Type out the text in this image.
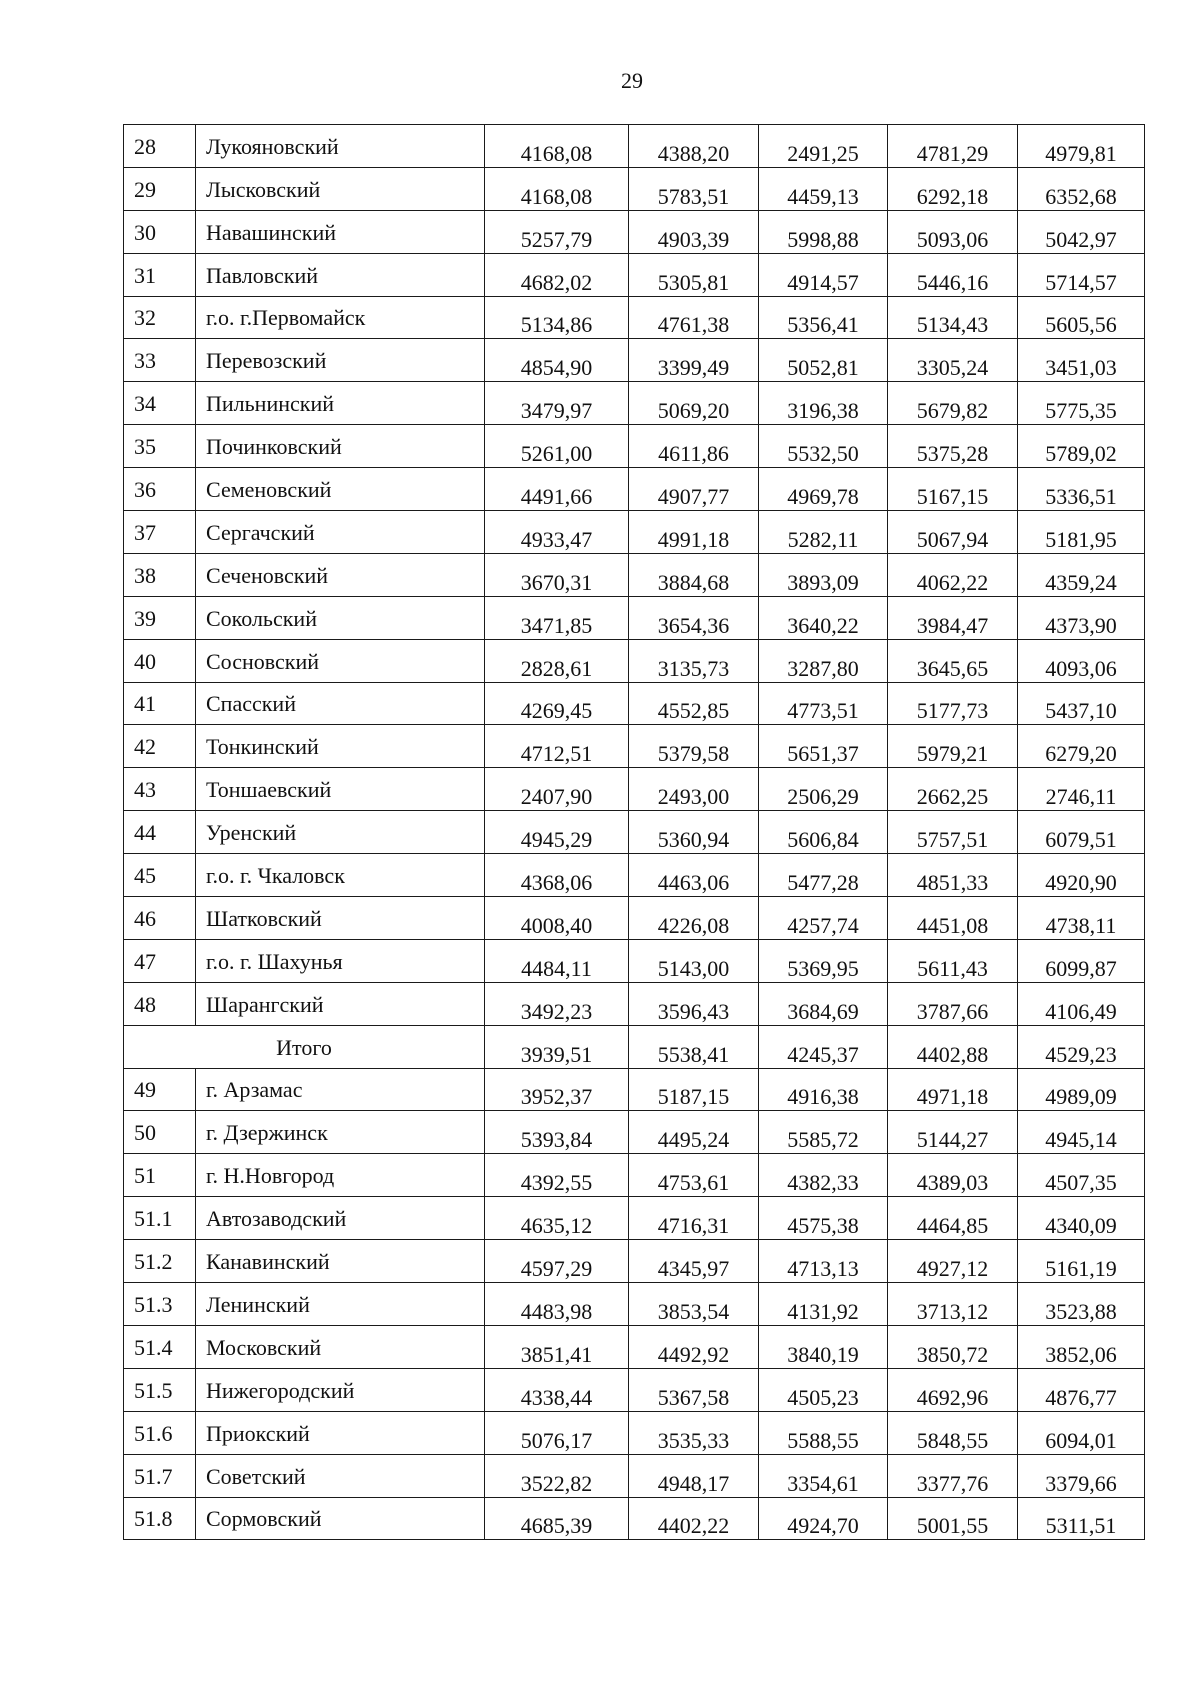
29
28	Лукояновский	4168,08	4388,20	2491,25	4781,29	4979,81
29	Лысковский	4168,08	5783,51	4459,13	6292,18	6352,68
30	Навашинский	5257,79	4903,39	5998,88	5093,06	5042,97
31	Павловский	4682,02	5305,81	4914,57	5446,16	5714,57
32	г.о. г.Первомайск	5134,86	4761,38	5356,41	5134,43	5605,56
33	Перевозский	4854,90	3399,49	5052,81	3305,24	3451,03
34	Пильнинский	3479,97	5069,20	3196,38	5679,82	5775,35
35	Починковский	5261,00	4611,86	5532,50	5375,28	5789,02
36	Семеновский	4491,66	4907,77	4969,78	5167,15	5336,51
37	Сергачский	4933,47	4991,18	5282,11	5067,94	5181,95
38	Сеченовский	3670,31	3884,68	3893,09	4062,22	4359,24
39	Сокольский	3471,85	3654,36	3640,22	3984,47	4373,90
40	Сосновский	2828,61	3135,73	3287,80	3645,65	4093,06
41	Спасский	4269,45	4552,85	4773,51	5177,73	5437,10
42	Тонкинский	4712,51	5379,58	5651,37	5979,21	6279,20
43	Тоншаевский	2407,90	2493,00	2506,29	2662,25	2746,11
44	Уренский	4945,29	5360,94	5606,84	5757,51	6079,51
45	г.о. г. Чкаловск	4368,06	4463,06	5477,28	4851,33	4920,90
46	Шатковский	4008,40	4226,08	4257,74	4451,08	4738,11
47	г.о. г. Шахунья	4484,11	5143,00	5369,95	5611,43	6099,87
48	Шарангский	3492,23	3596,43	3684,69	3787,66	4106,49
Итого		3939,51	5538,41	4245,37	4402,88	4529,23
49	г. Арзамас	3952,37	5187,15	4916,38	4971,18	4989,09
50	г. Дзержинск	5393,84	4495,24	5585,72	5144,27	4945,14
51	г. Н.Новгород	4392,55	4753,61	4382,33	4389,03	4507,35
51.1	Автозаводский	4635,12	4716,31	4575,38	4464,85	4340,09
51.2	Канавинский	4597,29	4345,97	4713,13	4927,12	5161,19
51.3	Ленинский	4483,98	3853,54	4131,92	3713,12	3523,88
51.4	Московский	3851,41	4492,92	3840,19	3850,72	3852,06
51.5	Нижегородский	4338,44	5367,58	4505,23	4692,96	4876,77
51.6	Приокский	5076,17	3535,33	5588,55	5848,55	6094,01
51.7	Советский	3522,82	4948,17	3354,61	3377,76	3379,66
51.8	Сормовский	4685,39	4402,22	4924,70	5001,55	5311,51
